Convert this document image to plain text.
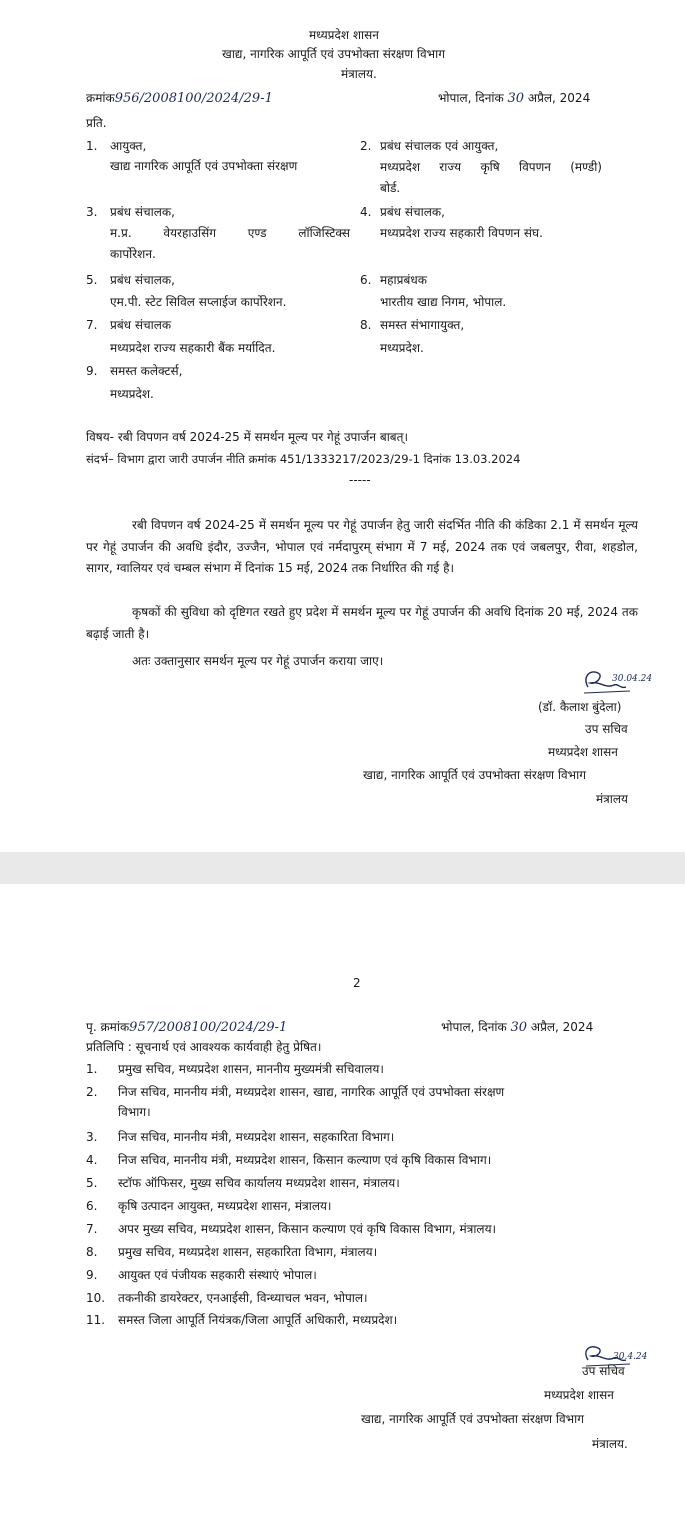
मध्यप्रदेश शासन
खाद्य, नागरिक आपूर्ति एवं उपभोक्ता संरक्षण विभाग
मंत्रालय.
क्रमांक956/2008100/2024/29-1	भोपाल, दिनांक 30 अप्रैल, 2024
प्रति.
1. आयुक्त,
खाद्य नागरिक आपूर्ति एवं उपभोक्ता संरक्षण
3. प्रबंध संचालक,
म.प्र. वेयरहाउसिंग एण्ड लॉजिस्टिक्स
कार्पोरेशन.
5. प्रबंध संचालक,
एम.पी. स्टेट सिविल सप्लाईज कार्पोरेशन.
7. प्रबंध संचालक
मध्यप्रदेश राज्य सहकारी बैंक मर्यादित.
9. समस्त कलेक्टर्स,
मध्यप्रदेश.
2. प्रबंध संचालक एवं आयुक्त,
मध्यप्रदेश राज्य कृषि विपणन (मण्डी)
बोर्ड.
4. प्रबंध संचालक,
मध्यप्रदेश राज्य सहकारी विपणन संघ.
6. महाप्रबंधक
भारतीय खाद्य निगम, भोपाल.
8. समस्त संभागायुक्त,
मध्यप्रदेश.
विषय- रबी विपणन वर्ष 2024-25 में समर्थन मूल्य पर गेहूं उपार्जन बाबत्।
संदर्भ– विभाग द्वारा जारी उपार्जन नीति क्रमांक 451/1333217/2023/29-1 दिनांक 13.03.2024
-----
रबी विपणन वर्ष 2024-25 में समर्थन मूल्य पर गेहूं उपार्जन हेतु जारी संदर्भित नीति की कंडिका 2.1 में समर्थन मूल्य पर गेहूं उपार्जन की अवधि इंदौर, उज्जैन, भोपाल एवं नर्मदापुरम् संभाग में 7 मई, 2024 तक एवं जबलपुर, रीवा, शहडोल, सागर, ग्वालियर एवं चम्बल संभाग में दिनांक 15 मई, 2024 तक निर्धारित की गई है।
कृषकों की सुविधा को दृष्टिगत रखते हुए प्रदेश में समर्थन मूल्य पर गेहूं उपार्जन की अवधि दिनांक 20 मई, 2024 तक बढ़ाई जाती है।
अतः उक्तानुसार समर्थन मूल्य पर गेहूं उपार्जन कराया जाए।
30.04.24
(डॉ. कैलाश बुंदेला)
उप सचिव
मध्यप्रदेश शासन
खाद्य, नागरिक आपूर्ति एवं उपभोक्ता संरक्षण विभाग
मंत्रालय
2
पृ. क्रमांक957/2008100/2024/29-1	भोपाल, दिनांक 30 अप्रैल, 2024
प्रतिलिपि : सूचनार्थ एवं आवश्यक कार्यवाही हेतु प्रेषित।
1. प्रमुख सचिव, मध्यप्रदेश शासन, माननीय मुख्यमंत्री सचिवालय।
2. निज सचिव, माननीय मंत्री, मध्यप्रदेश शासन, खाद्य, नागरिक आपूर्ति एवं उपभोक्ता संरक्षण
विभाग।
3. निज सचिव, माननीय मंत्री, मध्यप्रदेश शासन, सहकारिता विभाग।
4. निज सचिव, माननीय मंत्री, मध्यप्रदेश शासन, किसान कल्याण एवं कृषि विकास विभाग।
5. स्टॉफ ऑफिसर, मुख्य सचिव कार्यालय मध्यप्रदेश शासन, मंत्रालय।
6. कृषि उत्पादन आयुक्त, मध्यप्रदेश शासन, मंत्रालय।
7. अपर मुख्य सचिव, मध्यप्रदेश शासन, किसान कल्याण एवं कृषि विकास विभाग, मंत्रालय।
8. प्रमुख सचिव, मध्यप्रदेश शासन, सहकारिता विभाग, मंत्रालय।
9. आयुक्त एवं पंजीयक सहकारी संस्थाएं भोपाल।
10. तकनीकी डायरेक्टर, एनआईसी, विन्ध्याचल भवन, भोपाल।
11. समस्त जिला आपूर्ति नियंत्रक/जिला आपूर्ति अधिकारी, मध्यप्रदेश।
30.4.24
उप सचिव
मध्यप्रदेश शासन
खाद्य, नागरिक आपूर्ति एवं उपभोक्ता संरक्षण विभाग
मंत्रालय.
